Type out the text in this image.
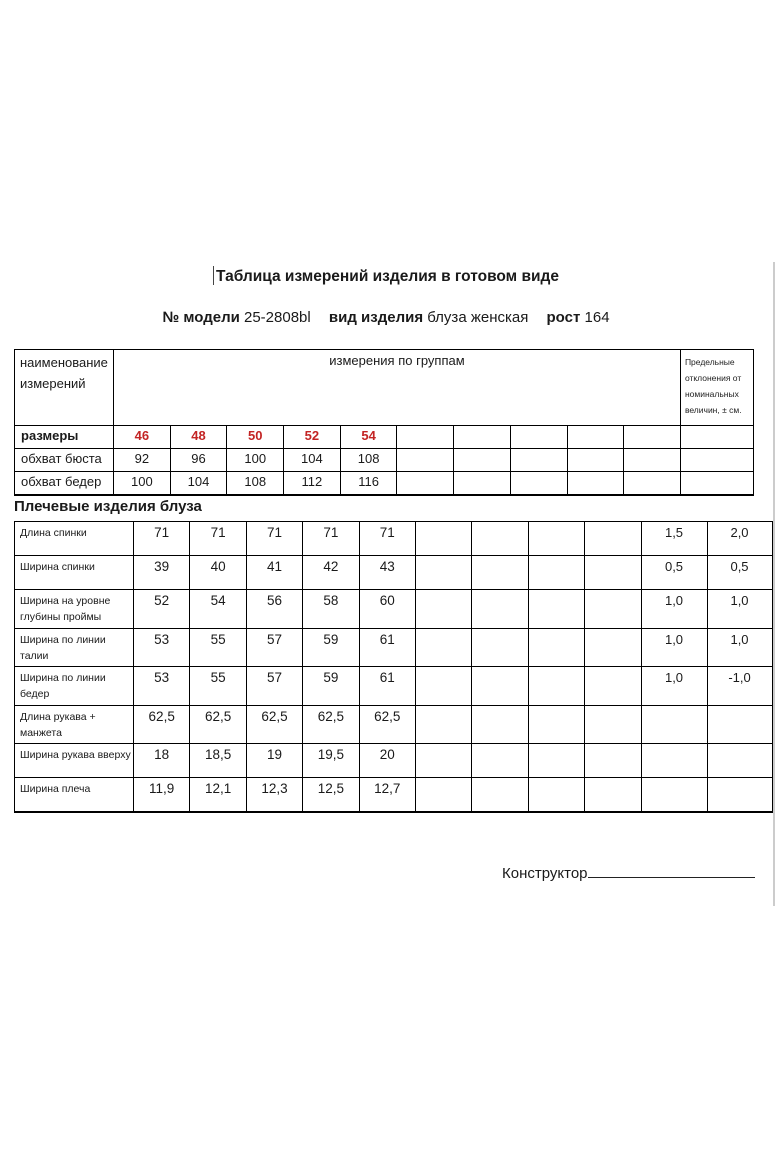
Таблица измерений изделия в готовом виде
№ модели 25-2808bl вид изделия блуза женская рост 164
наименование измерений	измерения по группам										Предельные отклонения от номинальных величин, ± см.
размеры	46	48	50	52	54						
обхват бюста	92	96	100	104	108						
обхват бедер	100	104	108	112	116						
Плечевые изделия блуза
Длина спинки	71	71	71	71	71					1,5	2,0
Ширина спинки	39	40	41	42	43					0,5	0,5
Ширина на уровне глубины проймы	52	54	56	58	60					1,0	1,0
Ширина по линии талии	53	55	57	59	61					1,0	1,0
Ширина по линии бедер	53	55	57	59	61					1,0	-1,0
Длина рукава + манжета	62,5	62,5	62,5	62,5	62,5						
Ширина рукава вверху	18	18,5	19	19,5	20						
Ширина плеча	11,9	12,1	12,3	12,5	12,7						
Конструктор
